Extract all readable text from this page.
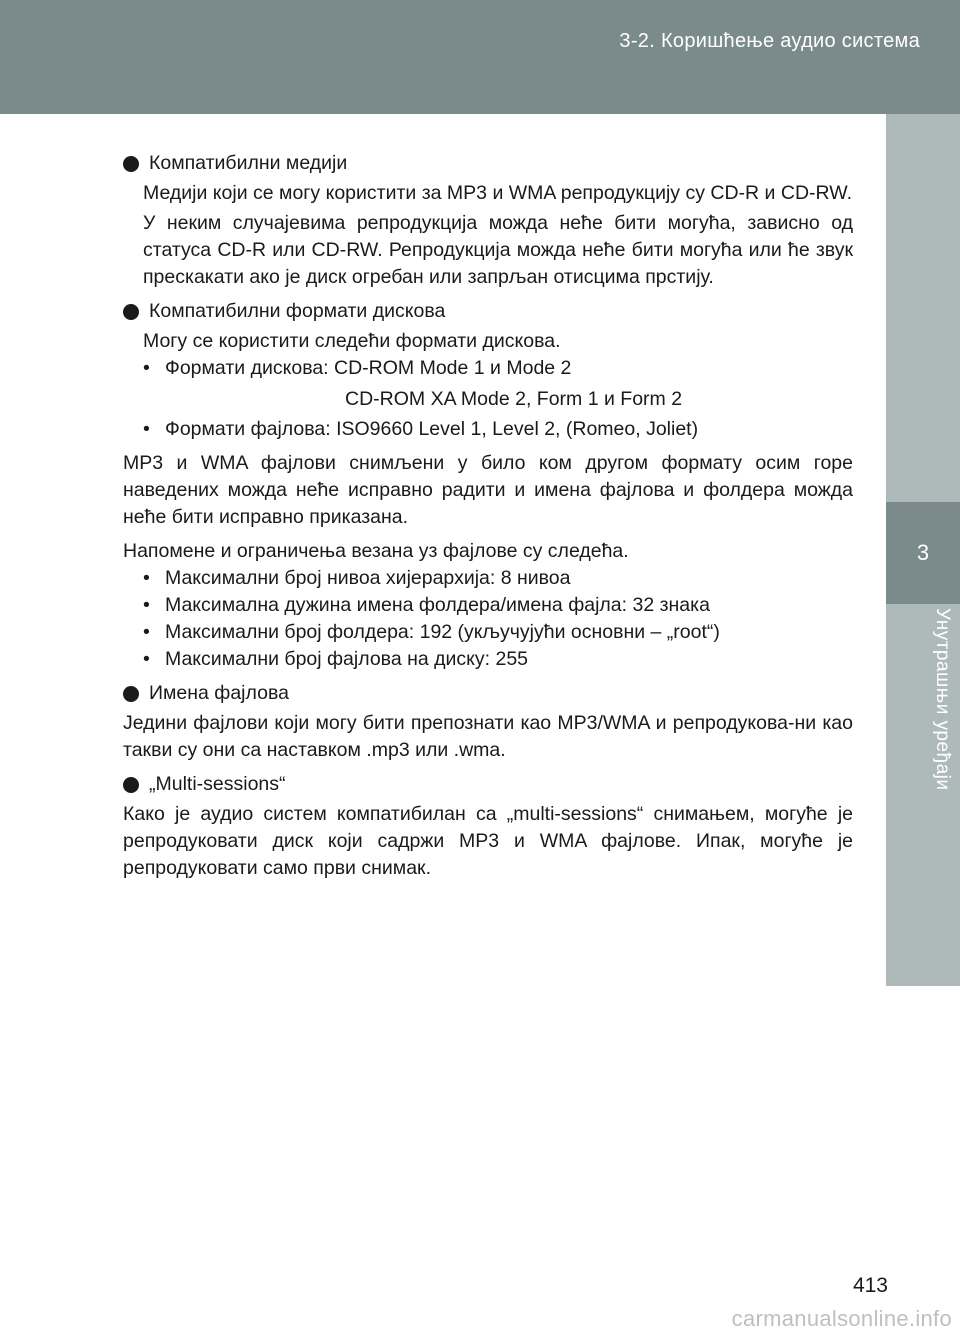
3-2. Коришћење аудио система
3
Унутрашњи уређаји
Компатибилни медији
Медији који се могу користити за MP3 и WMA репродукцију су CD-R и CD-RW.
У неким случајевима репродукција можда неће бити могућа, зависно од статуса CD-R или CD-RW. Репродукција можда неће бити могућа или ће звук прескакати ако је диск огребан или запрљан отисцима прстију.
Компатибилни формати дискова
Могу се користити следећи формати дискова.
• Формати дискова: CD-ROM Mode 1 и Mode 2
CD-ROM XA Mode 2, Form 1 и Form 2
• Формати фајлова: ISO9660 Level 1, Level 2, (Romeo, Joliet)
MP3 и WMA фајлови снимљени у било ком другом формату осим горе наведених можда неће исправно радити и имена фајлова и фолдера можда неће бити исправно приказана.
Напомене и ограничења везана уз фајлове су следећа.
• Максимални број нивоа хијерархија: 8 нивоа
• Максимална дужина имена фолдера/имена фајла: 32 знака
• Максимални број фолдера: 192 (укључујући основни – „root“)
• Максимални број фајлова на диску: 255
Имена фајлова
Једини фајлови који могу бити препознати као MP3/WMA и репродукова-ни као такви су они са наставком .mp3 или .wma.
„Multi-sessions“
Како је аудио систем компатибилан са „multi-sessions“ снимањем, могуће је репродуковати диск који садржи MP3 и WMA фајлове. Ипак, могуће је репродуковати само први снимак.
413
carmanualsonline.info
